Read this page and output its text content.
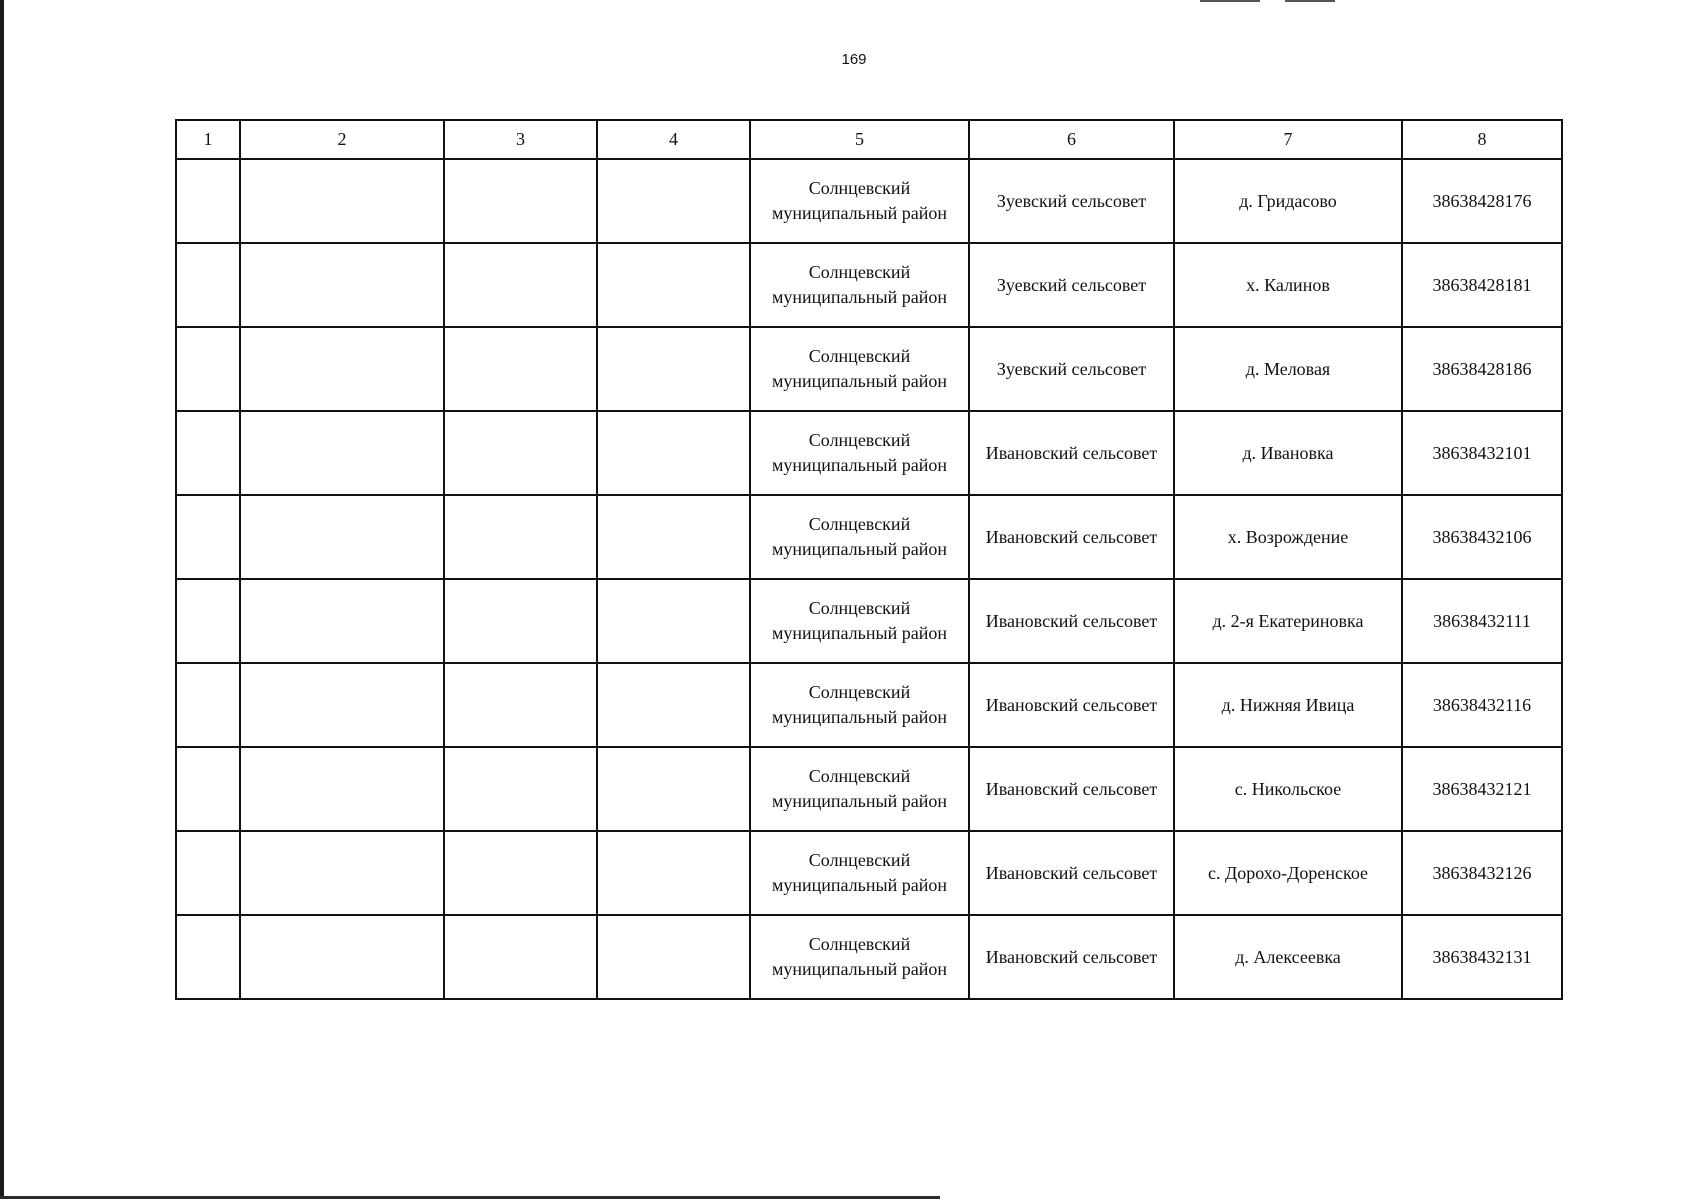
169
1	2	3	4	5	6	7	8
				Солнцевский муниципальный район	Зуевский сельсовет	д. Гридасово	38638428176
				Солнцевский муниципальный район	Зуевский сельсовет	х. Калинов	38638428181
				Солнцевский муниципальный район	Зуевский сельсовет	д. Меловая	38638428186
				Солнцевский муниципальный район	Ивановский сельсовет	д. Ивановка	38638432101
				Солнцевский муниципальный район	Ивановский сельсовет	х. Возрождение	38638432106
				Солнцевский муниципальный район	Ивановский сельсовет	д. 2-я Екатериновка	38638432111
				Солнцевский муниципальный район	Ивановский сельсовет	д. Нижняя Ивица	38638432116
				Солнцевский муниципальный район	Ивановский сельсовет	с. Никольское	38638432121
				Солнцевский муниципальный район	Ивановский сельсовет	с. Дорохо-Доренское	38638432126
				Солнцевский муниципальный район	Ивановский сельсовет	д. Алексеевка	38638432131
